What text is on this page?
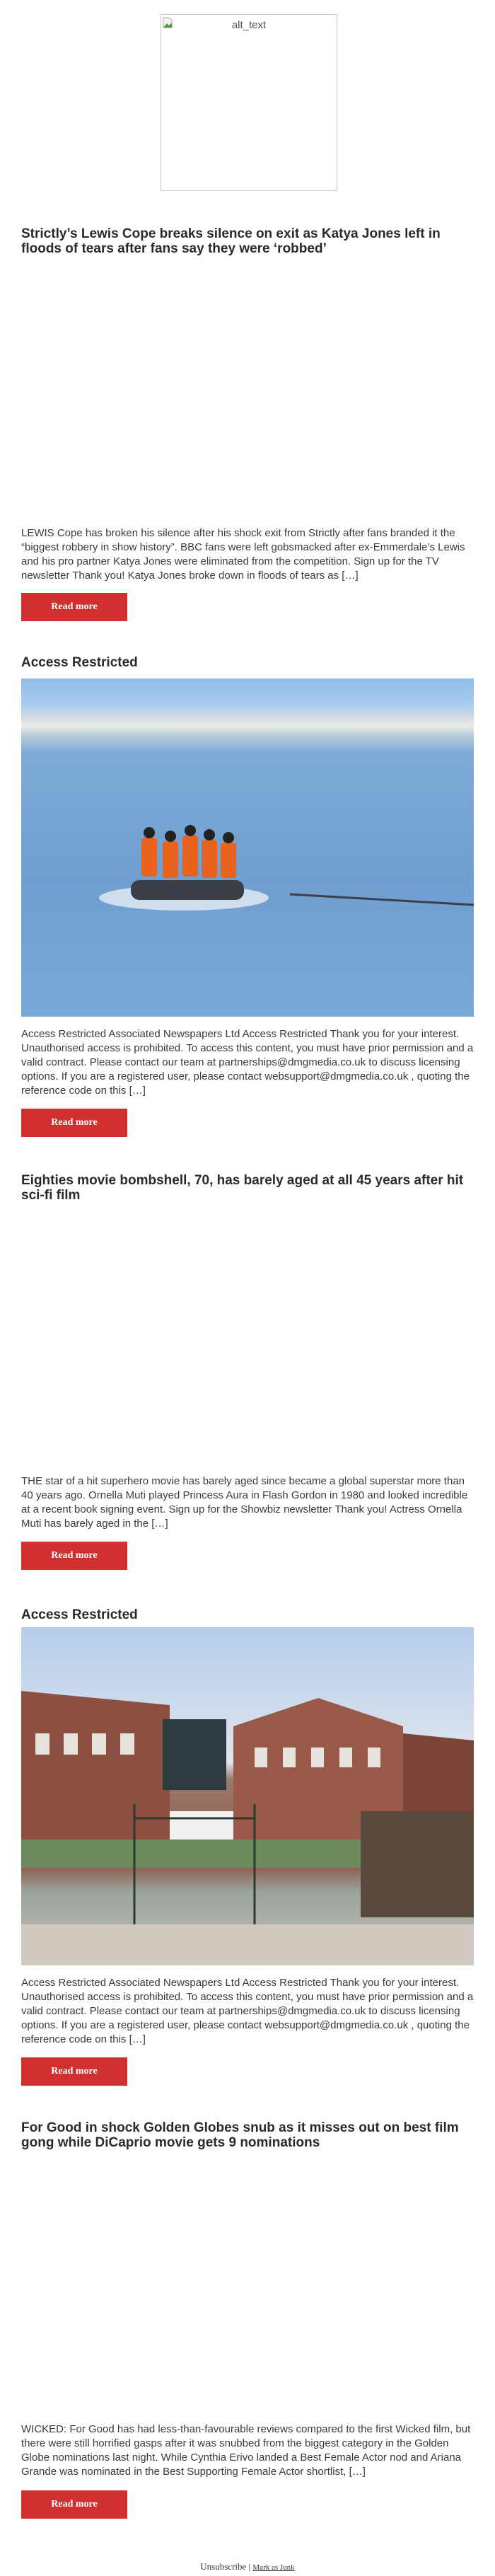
alt_text
Strictly’s Lewis Cope breaks silence on exit as Katya Jones left in floods of tears after fans say they were ‘robbed’

LEWIS Cope has broken his silence after his shock exit from Strictly after fans branded it the “biggest robbery in show history”. BBC fans were left gobsmacked after ex-Emmerdale’s Lewis and his pro partner Katya Jones were eliminated from the competition. Sign up for the TV newsletter Thank you! Katya Jones broke down in floods of tears as […]

Read more
Access Restricted

Access Restricted Associated Newspapers Ltd Access Restricted Thank you for your interest. Unauthorised access is prohibited. To access this content, you must have prior permission and a valid contract. Please contact our team at partnerships@dmgmedia.co.uk to discuss licensing options. If you are a registered user, please contact websupport@dmgmedia.co.uk , quoting the reference code on this […]

Read more
Eighties movie bombshell, 70, has barely aged at all 45 years after hit sci-fi film

THE star of a hit superhero movie has barely aged since became a global superstar more than 40 years ago. Ornella Muti played Princess Aura in Flash Gordon in 1980 and looked incredible at a recent book signing event. Sign up for the Showbiz newsletter Thank you! Actress Ornella Muti has barely aged in the […]

Read more
Access Restricted

Access Restricted Associated Newspapers Ltd Access Restricted Thank you for your interest. Unauthorised access is prohibited. To access this content, you must have prior permission and a valid contract. Please contact our team at partnerships@dmgmedia.co.uk to discuss licensing options. If you are a registered user, please contact websupport@dmgmedia.co.uk , quoting the reference code on this […]

Read more
For Good in shock Golden Globes snub as it misses out on best film gong while DiCaprio movie gets 9 nominations

WICKED: For Good has had less-than-favourable reviews compared to the first Wicked film, but there were still horrified gasps after it was snubbed from the biggest category in the Golden Globe nominations last night. While Cynthia Erivo landed a Best Female Actor nod and Ariana Grande was nominated in the Best Supporting Female Actor shortlist, […]

Read more
Unsubscribe | Mark as Junk
